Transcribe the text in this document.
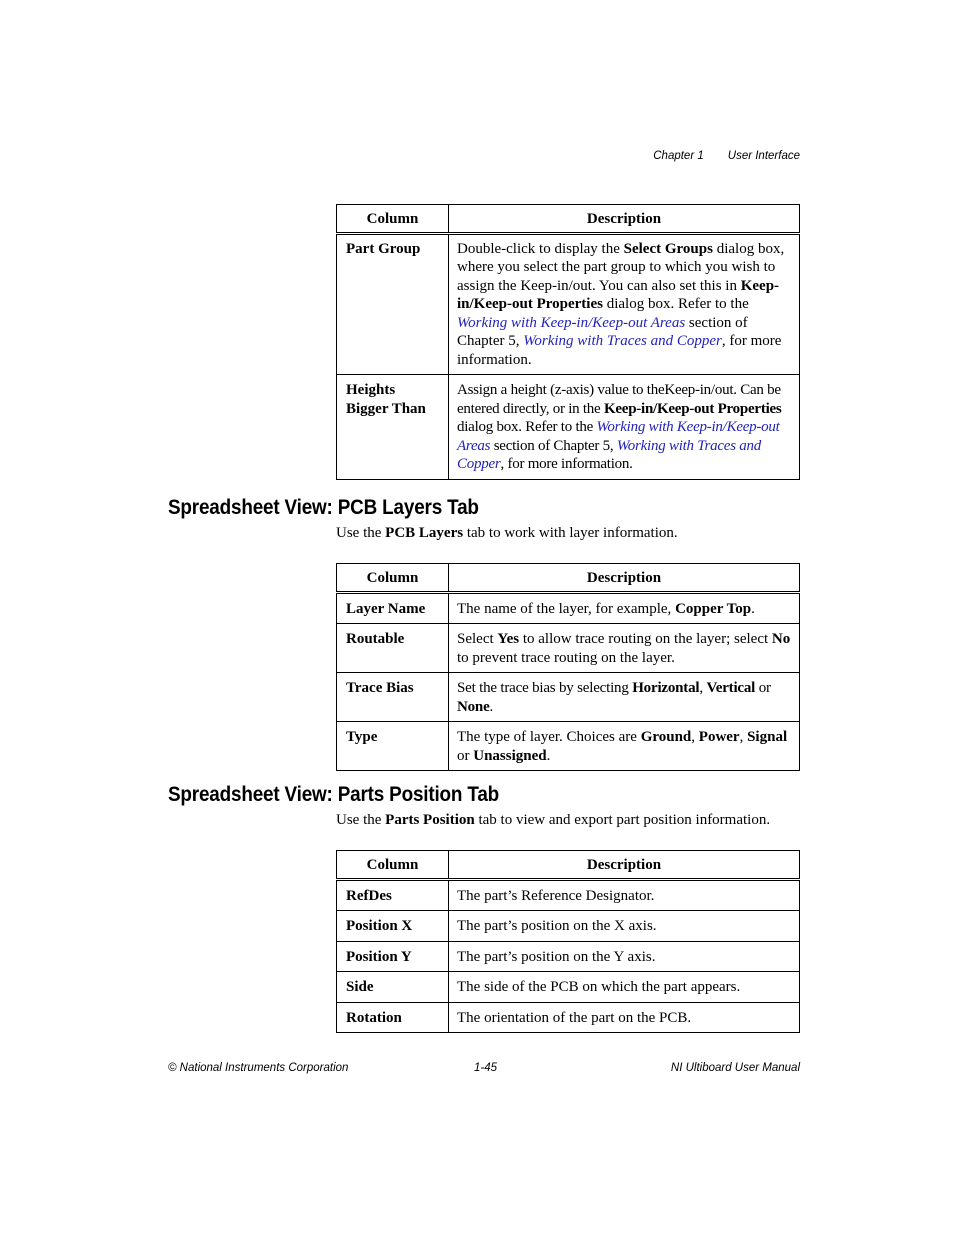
Chapter 1 User Interface
Column	Description
Part Group	Double-click to display the Select Groups dialog box, where you select the part group to which you wish to assign the Keep-in/out. You can also set this in Keep-in/Keep-out Properties dialog box. Refer to the Working with Keep-in/Keep-out Areas section of Chapter 5, Working with Traces and Copper, for more information.
Heights Bigger Than	Assign a height (z-axis) value to theKeep-in/out. Can be entered directly, or in the Keep-in/Keep-out Properties dialog box. Refer to the Working with Keep-in/Keep-out Areas section of Chapter 5, Working with Traces and Copper, for more information.
Spreadsheet View: PCB Layers Tab

Use the PCB Layers tab to work with layer information.

Column	Description
Layer Name	The name of the layer, for example, Copper Top.
Routable	Select Yes to allow trace routing on the layer; select No to prevent trace routing on the layer.
Trace Bias	Set the trace bias by selecting Horizontal, Vertical or None.
Type	The type of layer. Choices are Ground, Power, Signal or Unassigned.
Spreadsheet View: Parts Position Tab

Use the Parts Position tab to view and export part position information.

Column	Description
RefDes	The part’s Reference Designator.
Position X	The part’s position on the X axis.
Position Y	The part’s position on the Y axis.
Side	The side of the PCB on which the part appears.
Rotation	The orientation of the part on the PCB.
© National Instruments Corporation	1-45	NI Ultiboard User Manual
